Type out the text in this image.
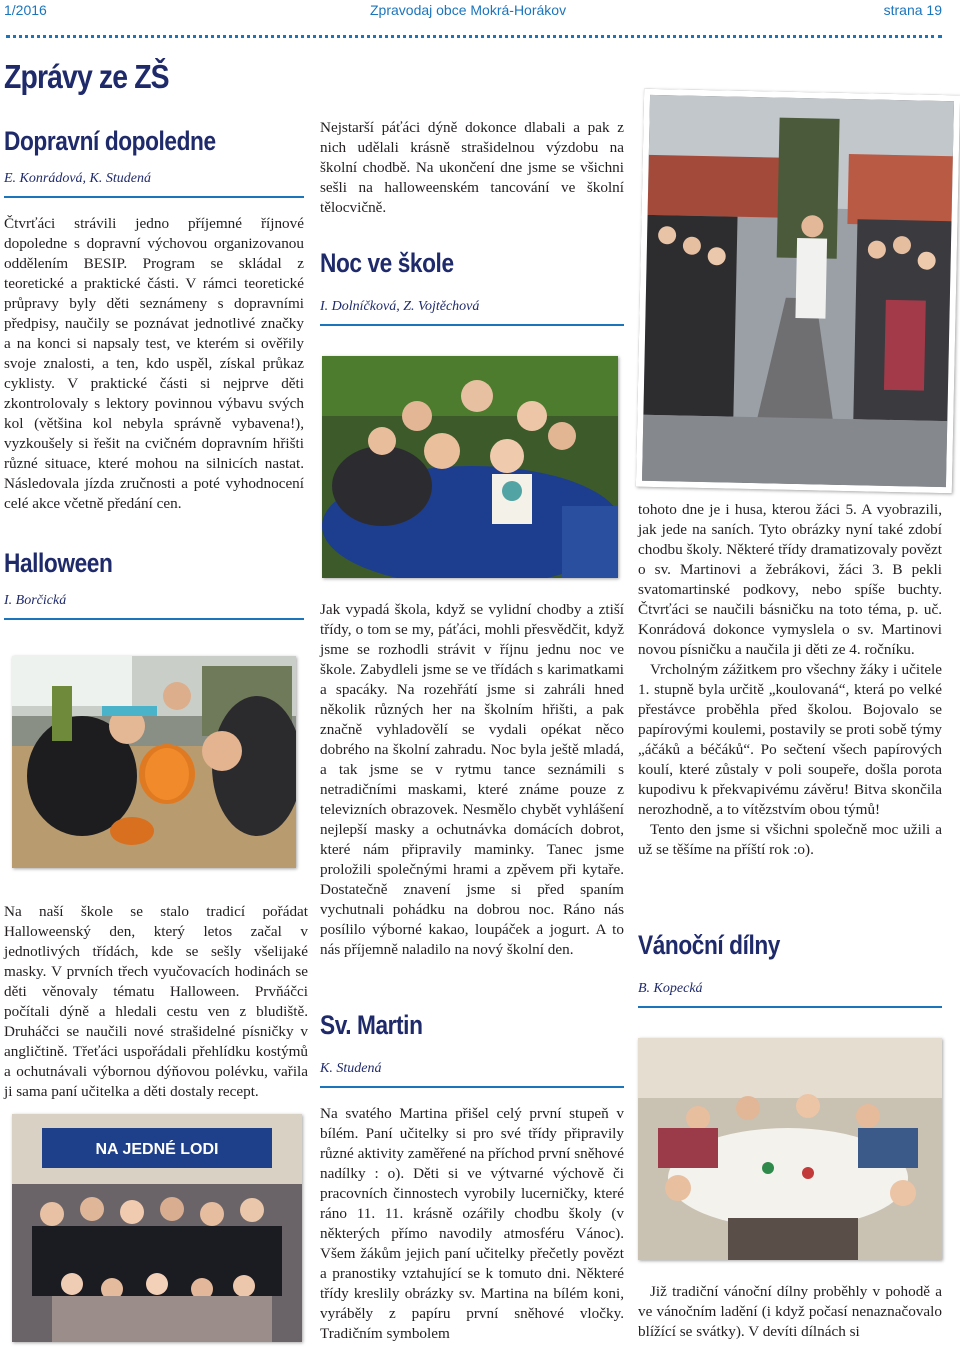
1/2016	Zpravodaj obce Mokrá-Horákov	strana 19
Zprávy ze ZŠ
Dopravní dopoledne

E. Konrádová, K. Studená

Čtvrťáci strávili jedno příjemné říjnové dopoledne s dopravní výchovou organizovanou oddělením BESIP. Program se skládal z teoretické a praktické části. V rámci teoretické průpravy byly děti seznámeny s dopravními předpisy, naučily se poznávat jednotlivé značky a na konci si napsaly test, ve kterém si ověřily svoje znalosti, a ten, kdo uspěl, získal průkaz cyklisty. V praktické části si nejprve děti zkontrolovaly s lektory povinnou výbavu svých kol (většina kol nebyla správně vybavena!), vyzkoušely si řešit na cvičném dopravním hřišti různé situace, které mohou na silnicích nastat. Následovala jízda zručnosti a poté vyhodnocení celé akce včetně předání cen.

Halloween

I. Borčická

Na naší škole se stalo tradicí pořádat Halloweenský den, který letos začal v jednotlivých třídách, kde se sešly všelijaké masky. V prvních třech vyučovacích hodinách se děti věnovaly tématu Halloween. Prvňáčci počítali dýně a hledali cestu ven z bludiště. Druháčci se naučili nové strašidelné písničky v angličtině. Třeťáci uspořádali přehlídku kostýmů a ochutnávali výbornou dýňovou polévku, vařila ji sama paní učitelka a děti dostaly recept.

NA JEDNÉ LODI

Nejstarší páťáci dýně dokonce dlabali a pak z nich udělali krásně strašidelnou výzdobu na školní chodbě. Na ukončení dne jsme se všichni sešli na halloweenském tancování ve školní tělocvičně.

Noc ve škole

I. Dolníčková, Z. Vojtěchová

Jak vypadá škola, když se vylidní chodby a ztiší třídy, o tom se my, páťáci, mohli přesvědčit, když jsme se rozhodli strávit v říjnu jednu noc ve škole. Zabydleli jsme se ve třídách s karimatkami a spacáky. Na rozehřátí jsme si zahráli hned několik různých her na školním hřišti, a pak značně vyhladovělí se vydali opékat něco dobrého na školní zahradu. Noc byla ještě mladá, a tak jsme se v rytmu tance seznámili s netradičními maskami, které známe pouze z televizních obrazovek. Nesmělo chybět vyhlášení nejlepší masky a ochutnávka domácích dobrot, které nám připravily maminky. Tanec jsme proložili společnými hrami a zpěvem při kytaře. Dostatečně znavení jsme si před spaním vychutnali pohádku na dobrou noc. Ráno nás posílilo výborné kakao, loupáček a jogurt. A to nás příjemně naladilo na nový školní den.

Sv. Martin

K. Studená

Na svatého Martina přišel celý první stupeň v bílém. Paní učitelky si pro své třídy připravily různé aktivity zaměřené na příchod první sněhové nadílky : o). Děti si ve výtvarné výchově či pracovních činnostech vyrobily lucerničky, které ráno 11. 11. krásně ozářily chodbu školy (v některých přímo navodily atmosféru Vánoc). Všem žákům jejich paní učitelky přečetly povězt a pranostiky vztahující se k tomuto dni. Některé třídy kreslily obrázky sv. Martina na bílém koni, vyráběly z papíru první sněhové vločky. Tradičním symbolem

tohoto dne je i husa, kterou žáci 5. A vyobrazili, jak jede na saních. Tyto obrázky nyní také zdobí chodbu školy. Některé třídy dramatizovaly povězt o sv. Martinovi a žebrákovi, žáci 3. B pekli svatomartinské podkovy, nebo spíše buchty. Čtvrťáci se naučili básničku na toto téma, p. uč. Konrádová dokonce vymyslela o sv. Martinovi novou písničku a naučila ji děti ze 4. ročníku.

Vrcholným zážitkem pro všechny žáky i učitele 1. stupně byla určitě „koulovaná“, která po velké přestávce proběhla před školou. Bojovalo se papírovými koulemi, postavily se proti sobě týmy „áčáků a béčáků“. Po sečtení všech papírových koulí, které zůstaly v poli soupeře, došla porota kupodivu k překvapivému závěru! Bitva skončila nerozhodně, a to vítězstvím obou týmů!

Tento den jsme si všichni společně moc užili a už se těšíme na příští rok :o).

Vánoční dílny

B. Kopecká

Již tradiční vánoční dílny proběhly v pohodě a ve vánočním ladění (i když počasí nenaznačovalo blížící se svátky). V devíti dílnách si
